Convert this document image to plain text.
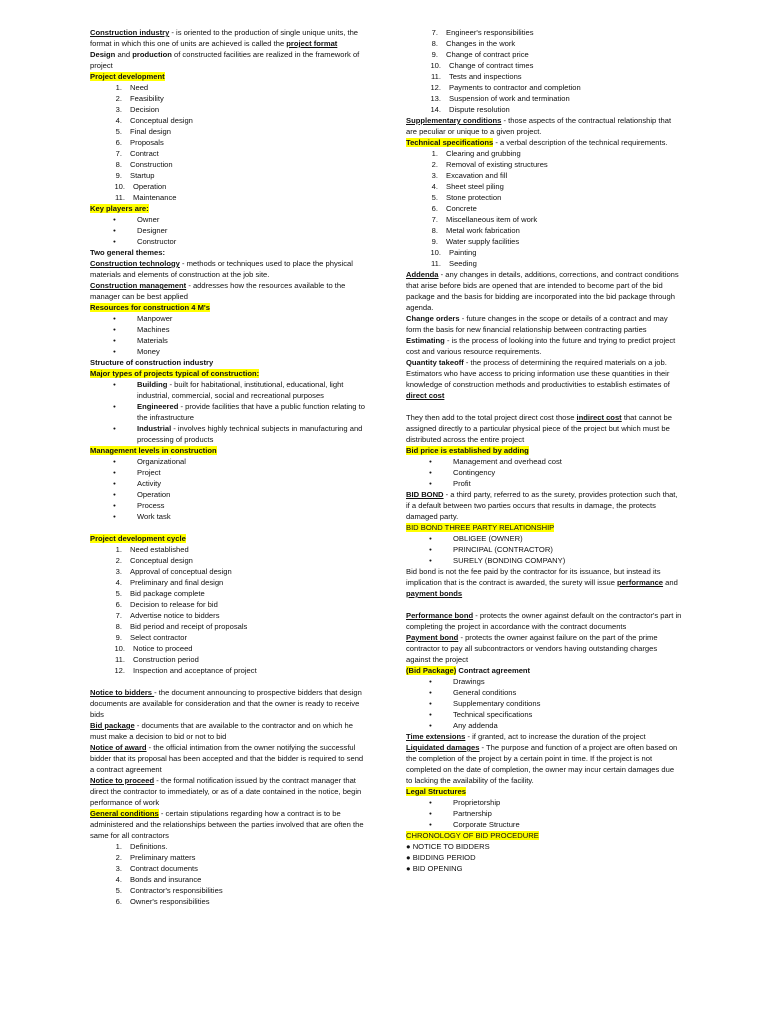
Construction industry - is oriented to the production of single unique units, the format in which this one of units are achieved is called the project format

Design and production of constructed facilities are realized in the framework of project

Project development

1.	Need
2.	Feasibility
3.	Decision
4.	Conceptual design
5.	Final design
6.	Proposals
7.	Contract
8.	Construction
9.	Startup
10.	Operation
11.	Maintenance

Key players are:

•	Owner
•	Designer
•	Constructor

Two general themes:

Construction technology - methods or techniques used to place the physical materials and elements of construction at the job site.

Construction management - addresses how the resources available to the manager can be best applied

Resources for construction 4 M's

•	Manpower
•	Machines
•	Materials
•	Money

Structure of construction industry

Major types of projects typical of construction:

•	Building - built for habitational, institutional, educational, light industrial, commercial, social and recreational purposes
•	Engineered - provide facilities that have a public function relating to the infrastructure
•	Industrial - involves highly technical subjects in manufacturing and processing of products

Management levels in construction

•	Organizational
•	Project
•	Activity
•	Operation
•	Process
•	Work task

Project development cycle

1.	Need established
2.	Conceptual design
3.	Approval of conceptual design
4.	Preliminary and final design
5.	Bid package complete
6.	Decision to release for bid
7.	Advertise notice to bidders
8.	Bid period and receipt of proposals
9.	Select contractor
10.	Notice to proceed
11.	Construction period
12.	Inspection and acceptance of project

Notice to bidders - the document announcing to prospective bidders that design documents are available for consideration and that the owner is ready to receive bids

Bid package - documents that are available to the contractor and on which he must make a decision to bid or not to bid

Notice of award - the official intimation from the owner notifying the successful bidder that its proposal has been accepted and that the bidder is required to send a contract agreement

Notice to proceed - the formal notification issued by the contract manager that direct the contractor to immediately, or as of a date contained in the notice, begin performance of work

General conditions - certain stipulations regarding how a contract is to be administered and the relationships between the parties involved that are often the same for all contractors

1.	Definitions.
2.	Preliminary matters
3.	Contract documents
4.	Bonds and insurance
5.	Contractor's responsibilities
6.	Owner's responsibilities
7.	Engineer's responsibilities
8.	Changes in the work
9.	Change of contract price
10.	Change of contract times
11.	Tests and inspections
12.	Payments to contractor and completion
13.	Suspension of work and termination
14.	Dispute resolution

Supplementary conditions - those aspects of the contractual relationship that are peculiar or unique to a given project.

Technical specifications - a verbal description of the technical requirements.

1.	Clearing and grubbing
2.	Removal of existing structures
3.	Excavation and fill
4.	Sheet steel piling
5.	Stone protection
6.	Concrete
7.	Miscellaneous item of work
8.	Metal work fabrication
9.	Water supply facilities
10.	Painting
11.	Seeding

Addenda - any changes in details, additions, corrections, and contract conditions that arise before bids are opened that are intended to become part of the bid package and the basis for bidding are incorporated into the bid package through agenda.

Change orders - future changes in the scope or details of a contract and may form the basis for new financial relationship between contracting parties

Estimating - is the process of looking into the future and trying to predict project cost and various resource requirements.

Quantity takeoff - the process of determining the required materials on a job.

Estimators who have access to pricing information use these quantities in their knowledge of construction methods and productivities to establish estimates of direct cost

They then add to the total project direct cost those indirect cost that cannot be assigned directly to a particular physical piece of the project but which must be distributed across the entire project

Bid price is established by adding

•	Management and overhead cost
•	Contingency
•	Profit

BID BOND - a third party, referred to as the surety, provides protection such that, if a default between two parties occurs that results in damage, the protects damaged party.

BID BOND THREE PARTY RELATIONSHIP

•	OBLIGEE (OWNER)
•	PRINCIPAL (CONTRACTOR)
•	SURELY (BONDING COMPANY)

Bid bond is not the fee paid by the contractor for its issuance, but instead its implication that is the contract is awarded, the surety will issue performance and payment bonds

Performance bond - protects the owner against default on the contractor's part in completing the project in accordance with the contract documents

Payment bond - protects the owner against failure on the part of the prime contractor to pay all subcontractors or vendors having outstanding charges against the project

(Bid Package) Contract agreement

•	Drawings
•	General conditions
•	Supplementary conditions
•	Technical specifications
•	Any addenda

Time extensions - if granted, act to increase the duration of the project

Liquidated damages - The purpose and function of a project are often based on the completion of the project by a certain point in time. If the project is not completed on the date of completion, the owner may incur certain damages due to lacking the availability of the facility.

Legal Structures

•	Proprietorship
•	Partnership
•	Corporate Structure

CHRONOLOGY OF BID PROCEDURE

● NOTICE TO BIDDERS

● BIDDING PERIOD

● BID OPENING
